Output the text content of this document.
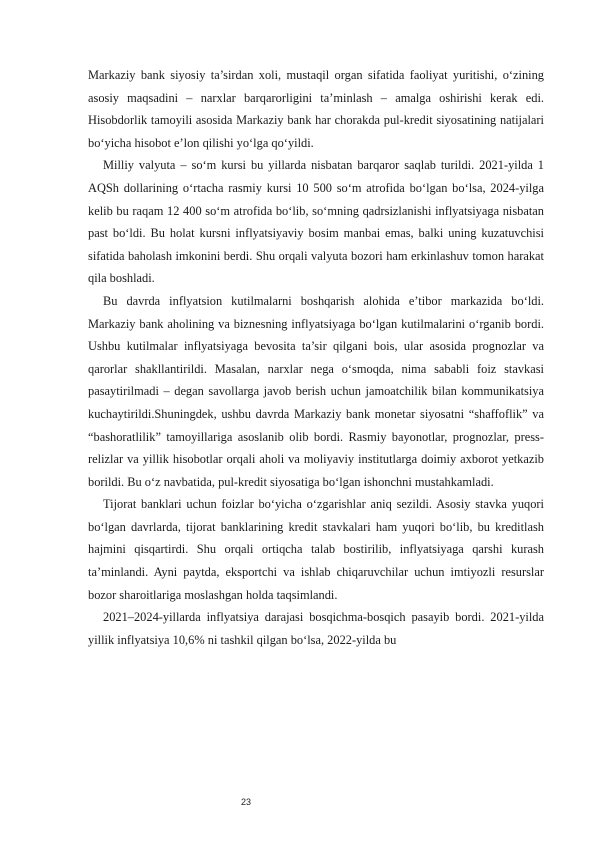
Markaziy bank siyosiy ta’sirdan xoli, mustaqil organ sifatida faoliyat yuritishi, o‘zining asosiy maqsadini – narxlar barqarorligini ta’minlash – amalga oshirishi kerak edi. Hisobdorlik tamoyili asosida Markaziy bank har chorakda pul-kredit siyosatining natijalari bo‘yicha hisobot e’lon qilishi yo‘lga qo‘yildi.

Milliy valyuta – so‘m kursi bu yillarda nisbatan barqaror saqlab turildi. 2021-yilda 1 AQSh dollarining o‘rtacha rasmiy kursi 10 500 so‘m atrofida bo‘lgan bo‘lsa, 2024-yilga kelib bu raqam 12 400 so‘m atrofida bo‘lib, so‘mning qadrsizlanishi inflyatsiyaga nisbatan past bo‘ldi. Bu holat kursni inflyatsiyaviy bosim manbai emas, balki uning kuzatuvchisi sifatida baholash imkonini berdi. Shu orqali valyuta bozori ham erkinlashuv tomon harakat qila boshladi.

Bu davrda inflyatsion kutilmalarni boshqarish alohida e’tibor markazida bo‘ldi. Markaziy bank aholining va biznesning inflyatsiyaga bo‘lgan kutilmalarini o‘rganib bordi. Ushbu kutilmalar inflyatsiyaga bevosita ta’sir qilgani bois, ular asosida prognozlar va qarorlar shakllantirildi. Masalan, narxlar nega o‘smoqda, nima sababli foiz stavkasi pasaytirilmadi – degan savollarga javob berish uchun jamoatchilik bilan kommunikatsiya kuchaytirildi.Shuningdek, ushbu davrda Markaziy bank monetar siyosatni “shaffoflik” va “bashoratlilik” tamoyillariga asoslanib olib bordi. Rasmiy bayonotlar, prognozlar, press-relizlar va yillik hisobotlar orqali aholi va moliyaviy institutlarga doimiy axborot yetkazib borildi. Bu o‘z navbatida, pul-kredit siyosatiga bo‘lgan ishonchni mustahkamladi.

Tijorat banklari uchun foizlar bo‘yicha o‘zgarishlar aniq sezildi. Asosiy stavka yuqori bo‘lgan davrlarda, tijorat banklarining kredit stavkalari ham yuqori bo‘lib, bu kreditlash hajmini qisqartirdi. Shu orqali ortiqcha talab bostirilib, inflyatsiyaga qarshi kurash ta’minlandi. Ayni paytda, eksportchi va ishlab chiqaruvchilar uchun imtiyozli resurslar bozor sharoitlariga moslashgan holda taqsimlandi.

2021–2024-yillarda inflyatsiya darajasi bosqichma-bosqich pasayib bordi. 2021-yilda yillik inflyatsiya 10,6% ni tashkil qilgan bo‘lsa, 2022-yilda bu

23
